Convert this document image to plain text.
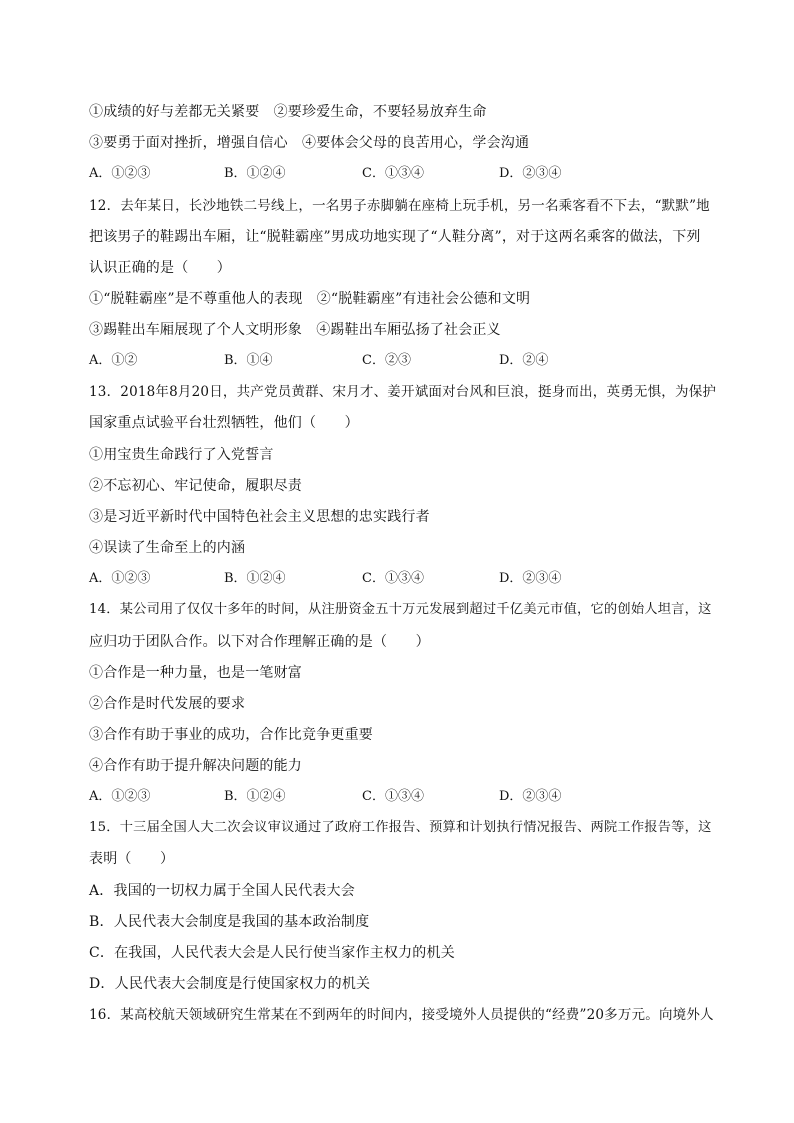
①成绩的好与差都无关紧要　②要珍爱生命，不要轻易放弃生命
③要勇于面对挫折，增强自信心　④要体会父母的良苦用心，学会沟通
A．①②③	B．①②④	C．①③④	D．②③④
12．去年某日，长沙地铁二号线上，一名男子赤脚躺在座椅上玩手机，另一名乘客看不下去，“默默”地
把该男子的鞋踢出车厢，让“脱鞋霸座”男成功地实现了“人鞋分离”，对于这两名乘客的做法，下列
认识正确的是（　　）
①“脱鞋霸座”是不尊重他人的表现　②“脱鞋霸座”有违社会公德和文明
③踢鞋出车厢展现了个人文明形象　④踢鞋出车厢弘扬了社会正义
A．①②	B．①④	C．②③	D．②④
13．2018年8月20日，共产党员黄群、宋月才、姜开斌面对台风和巨浪，挺身而出，英勇无惧，为保护
国家重点试验平台壮烈牺牲，他们（　　）
①用宝贵生命践行了入党誓言
②不忘初心、牢记使命，履职尽责
③是习近平新时代中国特色社会主义思想的忠实践行者
④误读了生命至上的内涵
A．①②③	B．①②④	C．①③④	D．②③④
14．某公司用了仅仅十多年的时间，从注册资金五十万元发展到超过千亿美元市值，它的创始人坦言，这
应归功于团队合作。以下对合作理解正确的是（　　）
①合作是一种力量，也是一笔财富
②合作是时代发展的要求
③合作有助于事业的成功，合作比竞争更重要
④合作有助于提升解决问题的能力
A．①②③	B．①②④	C．①③④	D．②③④
15．十三届全国人大二次会议审议通过了政府工作报告、预算和计划执行情况报告、两院工作报告等，这
表明（　　）
A．我国的一切权力属于全国人民代表大会
B．人民代表大会制度是我国的基本政治制度
C．在我国，人民代表大会是人民行使当家作主权力的机关
D．人民代表大会制度是行使国家权力的机关
16．某高校航天领域研究生常某在不到两年的时间内，接受境外人员提供的“经费”20多万元。向境外人
